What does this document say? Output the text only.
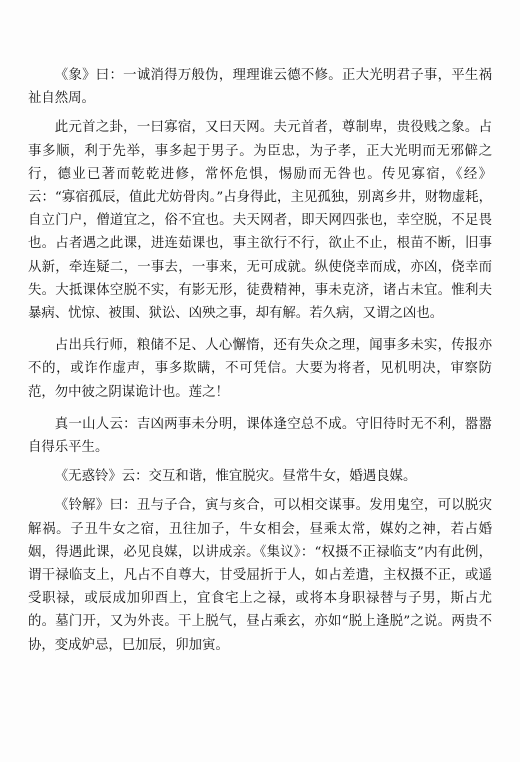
《象》曰：一诚消得万般伪，理理谁云德不修。正大光明君子事，平生祸祉自然周。

此元首之卦，一曰寡宿，又曰天网。夫元首者，尊制卑，贵役贱之象。占事多顺，利于先举，事多起于男子。为臣忠，为子孝，正大光明而无邪僻之行，德业已著而乾乾进修，常怀危惧，惕励而无咎也。传见寡宿，《经》云：“寡宿孤辰，值此尤妨骨肉。”占身得此，主见孤独，别离乡井，财物虚耗，自立门户，僧道宜之，俗不宜也。夫天网者，即天网四张也，幸空脱，不足畏也。占者遇之此课，进连茹课也，事主欲行不行，欲止不止，根苗不断，旧事从新，牵连疑二，一事去，一事来，无可成就。纵使侥幸而成，亦凶，侥幸而失。大抵课体空脱不实，有影无形，徒费精神，事未克济，诸占未宜。惟利夫暴病、忧惊、被围、狱讼、凶殃之事，却有解。若久病，又谓之凶也。

占出兵行师，粮储不足、人心懈惰，还有失众之理，闻事多未实，传报亦不的，或诈作虚声，事多欺瞒，不可凭信。大要为将者，见机明决，审察防范，勿中彼之阴谋诡计也。莲之！

真一山人云：吉凶两事未分明，课体逢空总不成。守旧待时无不利，嚣嚣自得乐平生。

《无惑铃》云：交互和谐，惟宜脱灾。昼常牛女，婚遇良媒。

《铃解》曰：丑与子合，寅与亥合，可以相交谋事。发用鬼空，可以脱灾解祸。子丑牛女之宿，丑往加子，牛女相会，昼乘太常，媒妁之神，若占婚姻，得遇此课，必见良媒，以讲成亲。《集议》：“权摄不正禄临支”内有此例，谓干禄临支上，凡占不自尊大，甘受屈折于人，如占差遣，主权摄不正，或遥受职禄，或辰成加卯酉上，宜食宅上之禄，或将本身职禄替与子男，斯占尤的。墓门开，又为外丧。干上脱气，昼占乘玄，亦如“脱上逢脱”之说。两贵不协，变成妒忌，巳加辰，卯加寅。
